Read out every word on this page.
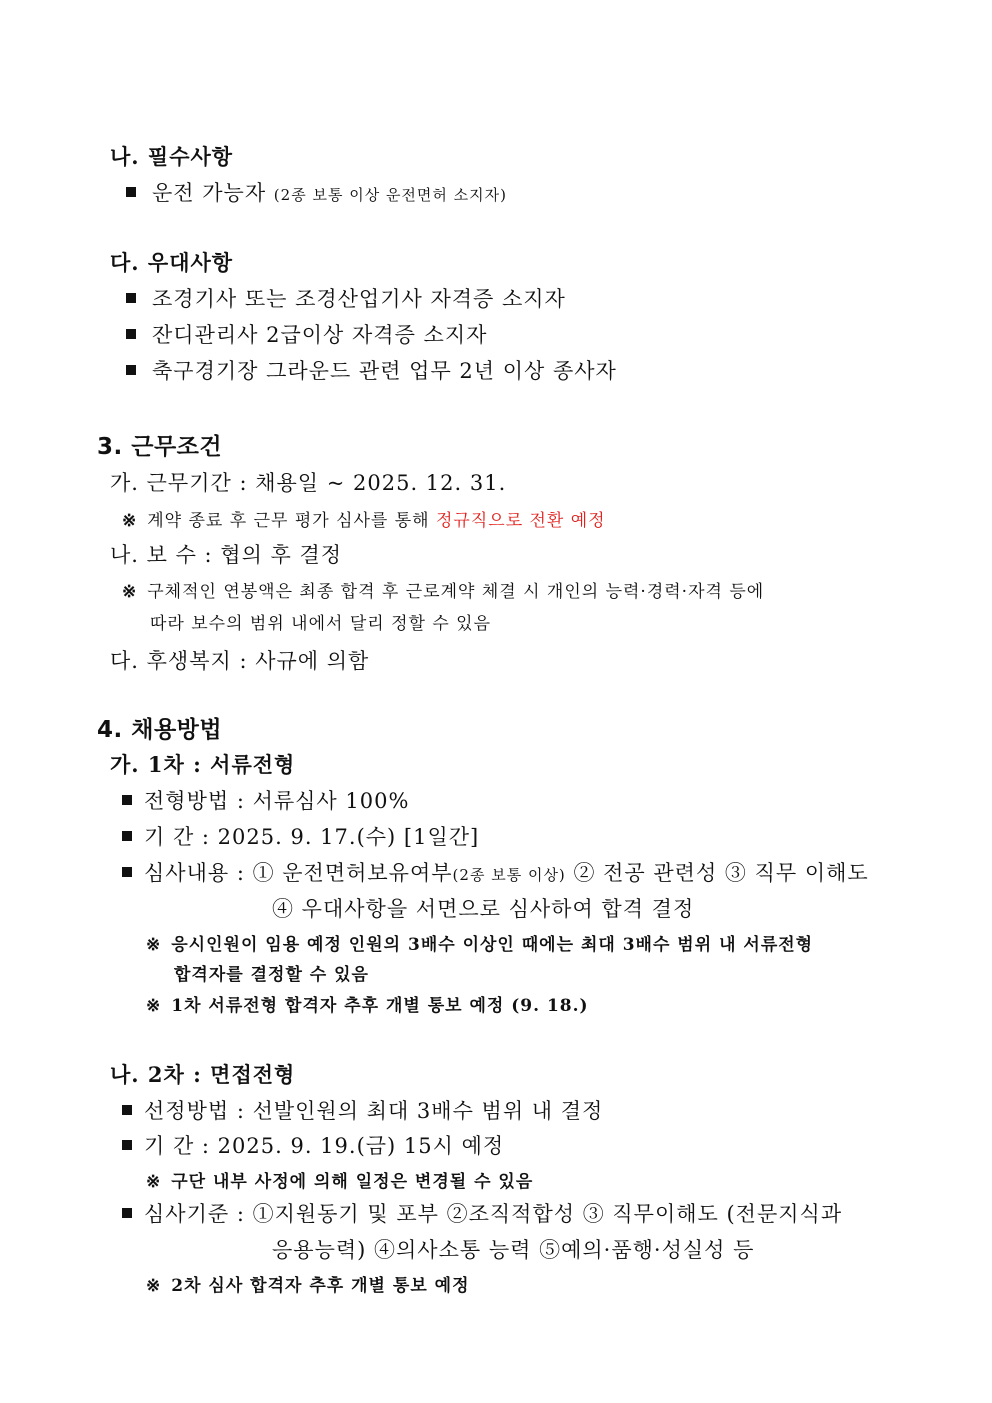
나. 필수사항
운전 가능자 (2종 보통 이상 운전면허 소지자)
다. 우대사항
조경기사 또는 조경산업기사 자격증 소지자
잔디관리사 2급이상 자격증 소지자
축구경기장 그라운드 관련 업무 2년 이상 종사자
3. 근무조건
가. 근무기간 : 채용일 ~ 2025. 12. 31.
※ 계약 종료 후 근무 평가 심사를 통해 정규직으로 전환 예정
나. 보 수 : 협의 후 결정
※ 구체적인 연봉액은 최종 합격 후 근로계약 체결 시 개인의 능력·경력·자격 등에
따라 보수의 범위 내에서 달리 정할 수 있음
다. 후생복지 : 사규에 의함
4. 채용방법
가. 1차 : 서류전형
전형방법 : 서류심사 100%
기 간 : 2025. 9. 17.(수) [1일간]
심사내용 : ① 운전면허보유여부(2종 보통 이상) ② 전공 관련성 ③ 직무 이해도
④ 우대사항을 서면으로 심사하여 합격 결정
※ 응시인원이 임용 예정 인원의 3배수 이상인 때에는 최대 3배수 범위 내 서류전형
합격자를 결정할 수 있음
※ 1차 서류전형 합격자 추후 개별 통보 예정 (9. 18.)
나. 2차 : 면접전형
선정방법 : 선발인원의 최대 3배수 범위 내 결정
기 간 : 2025. 9. 19.(금) 15시 예정
※ 구단 내부 사정에 의해 일정은 변경될 수 있음
심사기준 : ①지원동기 및 포부 ②조직적합성 ③ 직무이해도 (전문지식과
응용능력) ④의사소통 능력 ⑤예의·품행·성실성 등
※ 2차 심사 합격자 추후 개별 통보 예정
